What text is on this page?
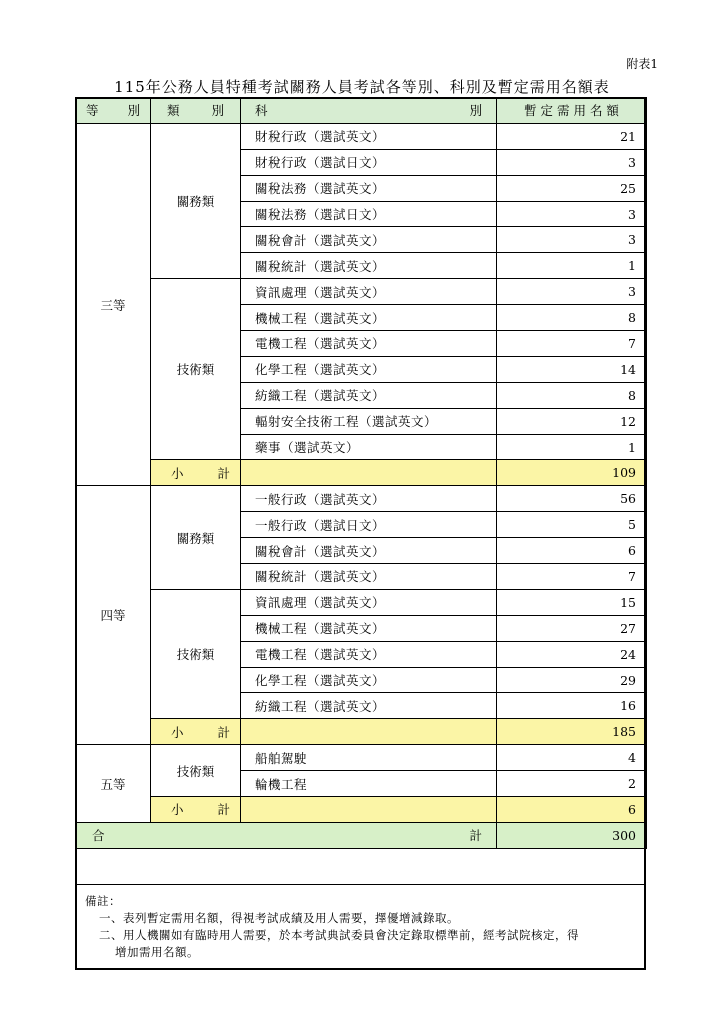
附表1
115年公務人員特種考試關務人員考試各等別、科別及暫定需用名額表
等 別	類 別	科 別	暫 定 需 用 名 額
三等	關務類	財稅行政（選試英文）	21
		財稅行政（選試日文）	3
		關稅法務（選試英文）	25
		關稅法務（選試日文）	3
		關稅會計（選試英文）	3
		關稅統計（選試英文）	1
	技術類	資訊處理（選試英文）	3
		機械工程（選試英文）	8
		電機工程（選試英文）	7
		化學工程（選試英文）	14
		紡織工程（選試英文）	8
		輻射安全技術工程（選試英文）	12
		藥事（選試英文）	1

	小 計		109
四等	關務類	一般行政（選試英文）	56
		一般行政（選試日文）	5
		關稅會計（選試英文）	6
		關稅統計（選試英文）	7
	技術類	資訊處理（選試英文）	15
		機械工程（選試英文）	27
		電機工程（選試英文）	24
		化學工程（選試英文）	29
		紡織工程（選試英文）	16

	小 計		185
五等	技術類	船舶駕駛	4
		輪機工程	2

	小 計		6

合 計			300
備註：
一、表列暫定需用名額，得視考試成績及用人需要，擇優增減錄取。
二、用人機關如有臨時用人需要，於本考試典試委員會決定錄取標準前，經考試院核定，得
增加需用名額。
